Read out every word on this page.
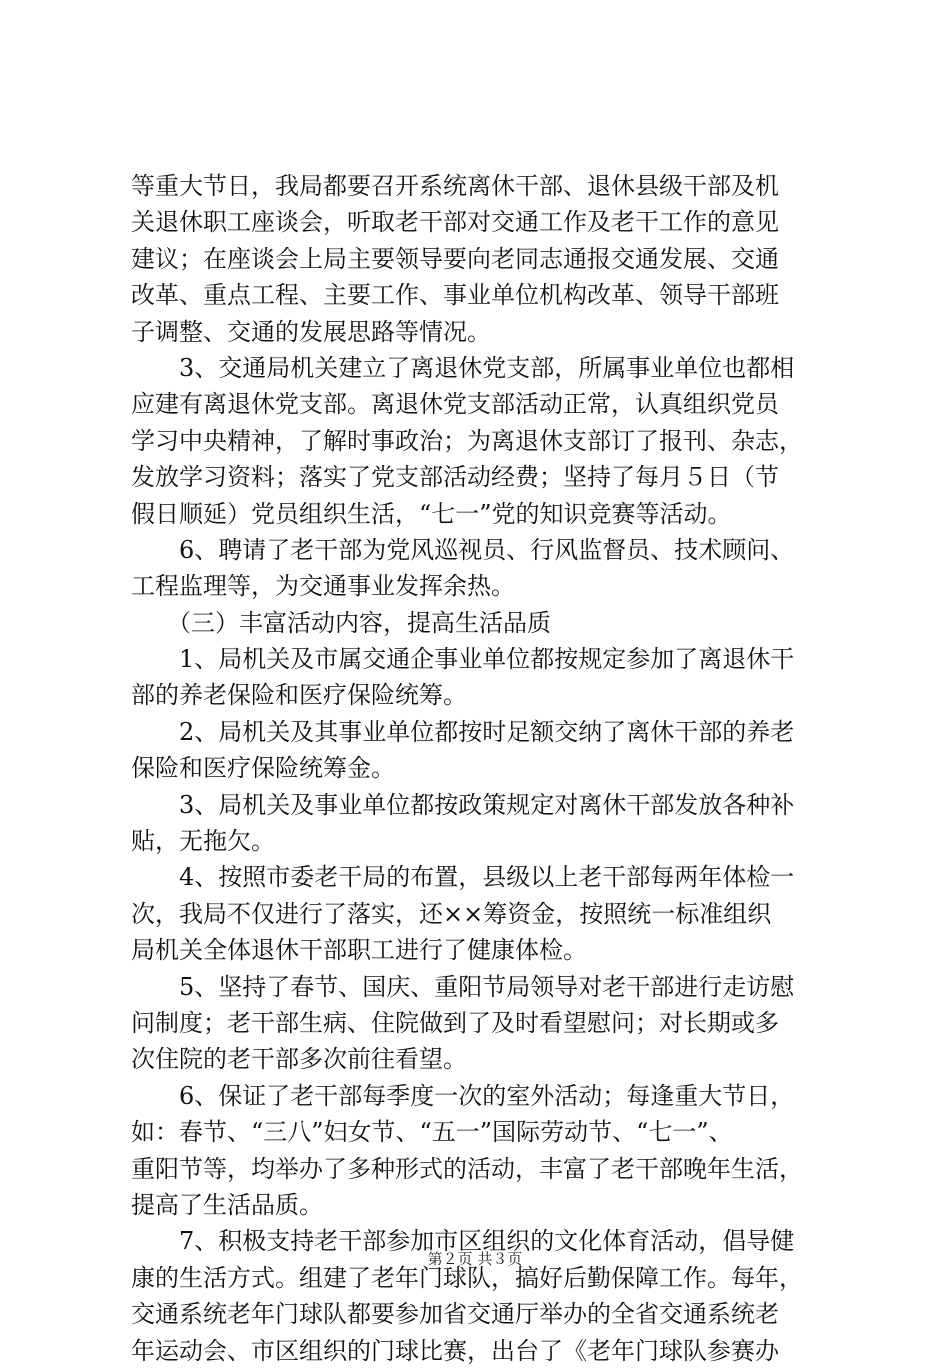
等重大节日，我局都要召开系统离休干部、退休县级干部及机
关退休职工座谈会，听取老干部对交通工作及老干工作的意见
建议；在座谈会上局主要领导要向老同志通报交通发展、交通
改革、重点工程、主要工作、事业单位机构改革、领导干部班
子调整、交通的发展思路等情况。
　　3、交通局机关建立了离退休党支部，所属事业单位也都相
应建有离退休党支部。离退休党支部活动正常，认真组织党员
学习中央精神，了解时事政治；为离退休支部订了报刊、杂志，
发放学习资料；落实了党支部活动经费；坚持了每月５日（节
假日顺延）党员组织生活，“七一”党的知识竞赛等活动。
　　6、聘请了老干部为党风巡视员、行风监督员、技术顾问、
工程监理等，为交通事业发挥余热。
　　（三）丰富活动内容，提高生活品质
　　1、局机关及市属交通企事业单位都按规定参加了离退休干
部的养老保险和医疗保险统筹。
　　2、局机关及其事业单位都按时足额交纳了离休干部的养老
保险和医疗保险统筹金。
　　3、局机关及事业单位都按政策规定对离休干部发放各种补
贴，无拖欠。
　　4、按照市委老干局的布置，县级以上老干部每两年体检一
次，我局不仅进行了落实，还××筹资金，按照统一标准组织
局机关全体退休干部职工进行了健康体检。
　　5、坚持了春节、国庆、重阳节局领导对老干部进行走访慰
问制度；老干部生病、住院做到了及时看望慰问；对长期或多
次住院的老干部多次前往看望。
　　6、保证了老干部每季度一次的室外活动；每逢重大节日，
如：春节、“三八”妇女节、“五一”国际劳动节、“七一”、
重阳节等，均举办了多种形式的活动，丰富了老干部晚年生活，
提高了生活品质。
　　7、积极支持老干部参加市区组织的文化体育活动，倡导健
康的生活方式。组建了老年门球队，搞好后勤保障工作。每年，
交通系统老年门球队都要参加省交通厅举办的全省交通系统老
年运动会、市区组织的门球比赛，出台了《老年门球队参赛办
第２页 共３页
